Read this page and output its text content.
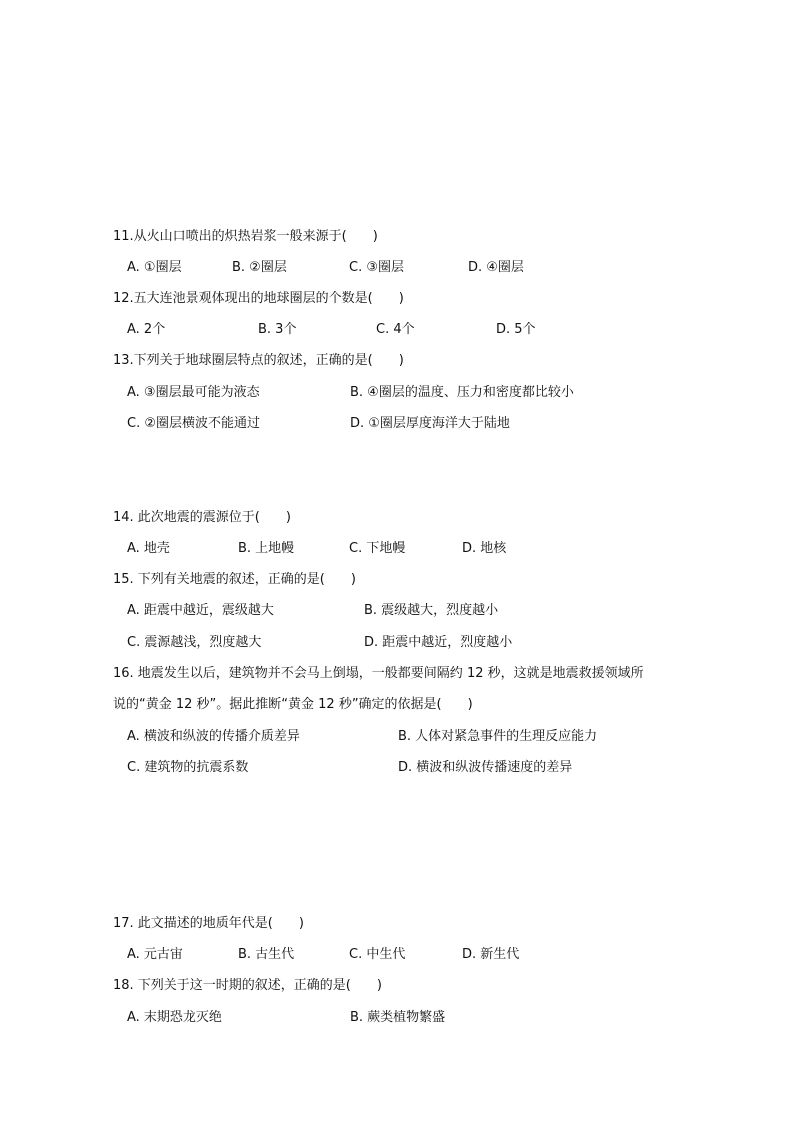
11.从火山口喷出的炽热岩浆一般来源于(　　)
A. ①圈层	B. ②圈层	C. ③圈层	D. ④圈层
12.五大连池景观体现出的地球圈层的个数是(　　)
A. 2个	B. 3个	C. 4个	D. 5个
13.下列关于地球圈层特点的叙述，正确的是(　　)
A. ③圈层最可能为液态	B. ④圈层的温度、压力和密度都比较小
C. ②圈层横波不能通过	D. ①圈层厚度海洋大于陆地
14. 此次地震的震源位于(　　)
A. 地壳	B. 上地幔	C. 下地幔	D. 地核
15. 下列有关地震的叙述，正确的是(　　)
A. 距震中越近，震级越大	B. 震级越大，烈度越小
C. 震源越浅，烈度越大	D. 距震中越近，烈度越小
16. 地震发生以后，建筑物并不会马上倒塌，一般都要间隔约 12 秒，这就是地震救援领域所
说的“黄金 12 秒”。据此推断“黄金 12 秒”确定的依据是(　　)
A. 横波和纵波的传播介质差异	B. 人体对紧急事件的生理反应能力
C. 建筑物的抗震系数	D. 横波和纵波传播速度的差异
17. 此文描述的地质年代是(　　)
A. 元古宙	B. 古生代	C. 中生代	D. 新生代
18. 下列关于这一时期的叙述，正确的是(　　)
A. 末期恐龙灭绝	B. 蕨类植物繁盛
